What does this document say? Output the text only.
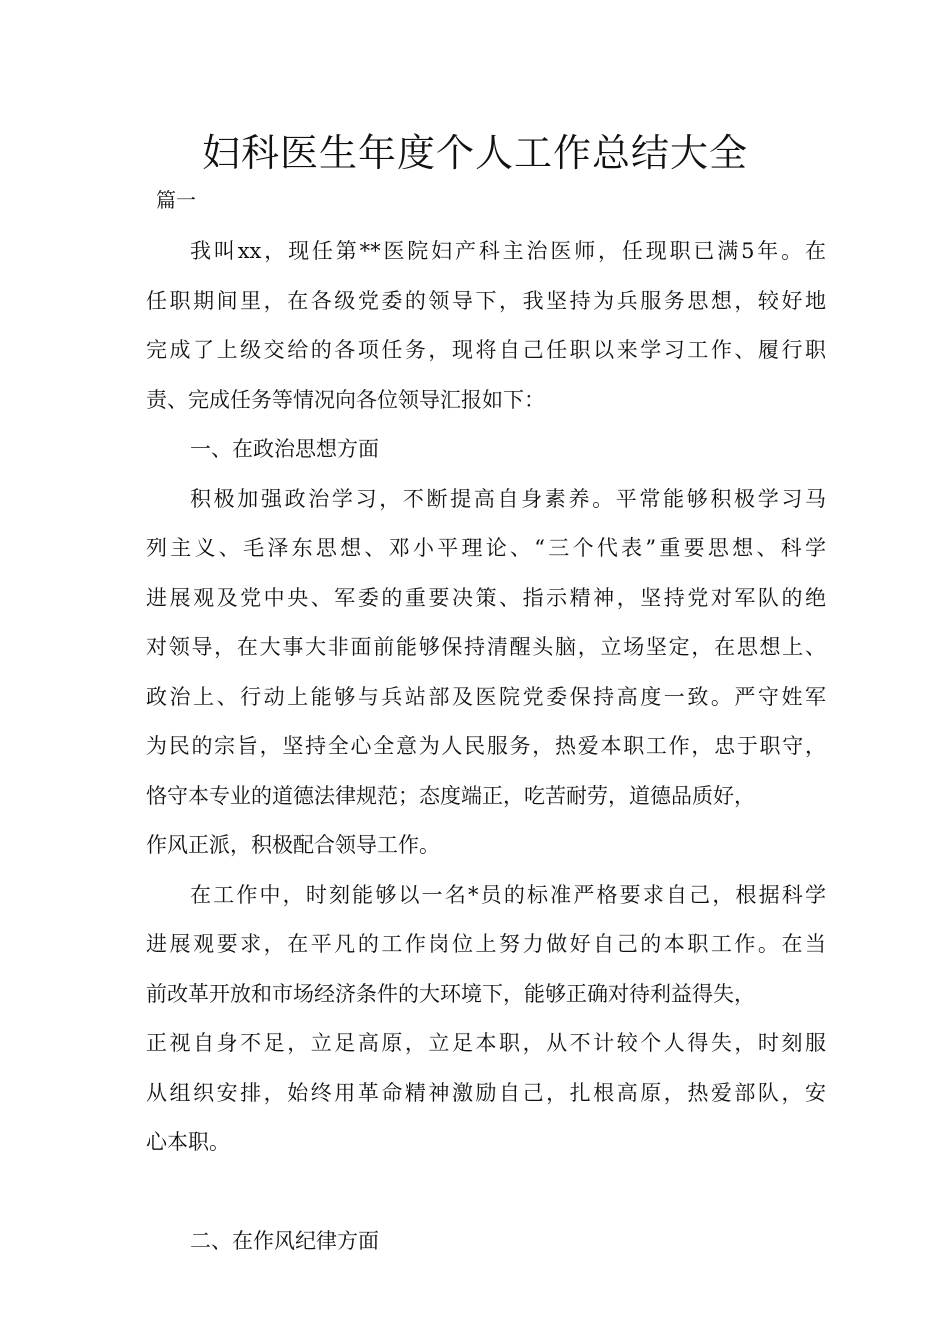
妇科医生年度个人工作总结大全
篇一
我叫xx，现任第**医院妇产科主治医师，任现职已满5年。在
任职期间里，在各级党委的领导下，我坚持为兵服务思想，较好地
完成了上级交给的各项任务，现将自己任职以来学习工作、履行职
责、完成任务等情况向各位领导汇报如下：
一、在政治思想方面
积极加强政治学习，不断提高自身素养。平常能够积极学习马
列主义、毛泽东思想、邓小平理论、“三个代表”重要思想、科学
进展观及党中央、军委的重要决策、指示精神，坚持党对军队的绝
对领导，在大事大非面前能够保持清醒头脑，立场坚定，在思想上、
政治上、行动上能够与兵站部及医院党委保持高度一致。严守姓军
为民的宗旨，坚持全心全意为人民服务，热爱本职工作，忠于职守，
恪守本专业的道德法律规范；态度端正，吃苦耐劳，道德品质好，
作风正派，积极配合领导工作。
在工作中，时刻能够以一名*员的标准严格要求自己，根据科学
进展观要求，在平凡的工作岗位上努力做好自己的本职工作。在当
前改革开放和市场经济条件的大环境下，能够正确对待利益得失，
正视自身不足，立足高原，立足本职，从不计较个人得失，时刻服
从组织安排，始终用革命精神激励自己，扎根高原，热爱部队，安
心本职。
二、在作风纪律方面
